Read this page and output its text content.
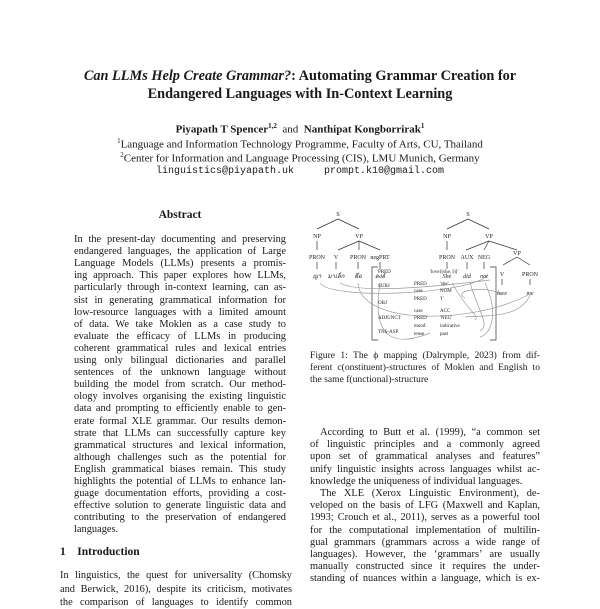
Can LLMs Help Create Grammar?: Automating Grammar Creation for
Endangered Languages with In-Context Learning
Piyapath T Spencer$^{1,2}$ and Nanthipat Kongborrirak$^1$
$^1$Language and Information Technology Programme, Faculty of Arts, CU, Thailand
$^2$Center for Information and Language Processing (CIS), LMU Munich, Germany
linguistics@piyapath.uk	prompt.k10@gmail.com
Abstract
In the present-day documenting and preserving
endangered languages, the application of Large
Language Models (LLMs) presents a promis-
ing approach. This paper explores how LLMs,
particularly through in-context learning, can as-
sist in generating grammatical information for
low-resource languages with a limited amount
of data. We take Moklen as a case study to
evaluate the efficacy of LLMs in producing
coherent grammatical rules and lexical entries
using only bilingual dictionaries and parallel
sentences of the unknown language without
building the model from scratch. Our method-
ology involves organising the existing linguistic
data and prompting to efficiently enable to gen-
erate formal XLE grammar. Our results demon-
strate that LLMs can successfully capture key
grammatical structures and lexical information,
although challenges such as the potential for
English grammatical biases remain. This study
highlights the potential of LLMs to enhance lan-
guage documentation efforts, providing a cost-
effective solution to generate linguistic data and
contributing to the preservation of endangered
languages.
1 Introduction
In linguistics, the quest for universality (Chomsky
and Berwick, 2016), despite its criticism, motivates
the comparison of languages to identify common
S
NP	VP
PRON V PRON negPRT
ญา มาเล็ก ฮึ่อ ลงอ์
S
NP	VP
PRON AUX NEG
VP
V	PRON
She did not
love	me
PRED
SUBJ
OBJ
ADJUNCT
TNS-ASP
'love⟨(she, I)⟩'
PRED	'she'
case	NOM
PRED	'I'
case	ACC
PRED	'NEG'
mood	indicative
tense	past
Figure 1: The ϕ mapping (Dalrymple, 2023) from dif-
ferent c(onstituent)-structures of Moklen and English to
the same f(unctional)-structure
According to Butt et al. (1999), “a common set
of linguistic principles and a commonly agreed
upon set of grammatical analyses and features”
unify linguistic insights across languages whilst ac-
knowledge the uniqueness of individual languages.
The XLE (Xerox Linguistic Environment), de-
veloped on the basis of LFG (Maxwell and Kaplan,
1993; Crouch et al., 2011), serves as a powerful tool
for the computational implementation of multilin-
gual grammars (grammars across a wide range of
languages). However, the ‘grammars’ are usually
manually constructed since it requires the under-
standing of nuances within a language, which is ex-
